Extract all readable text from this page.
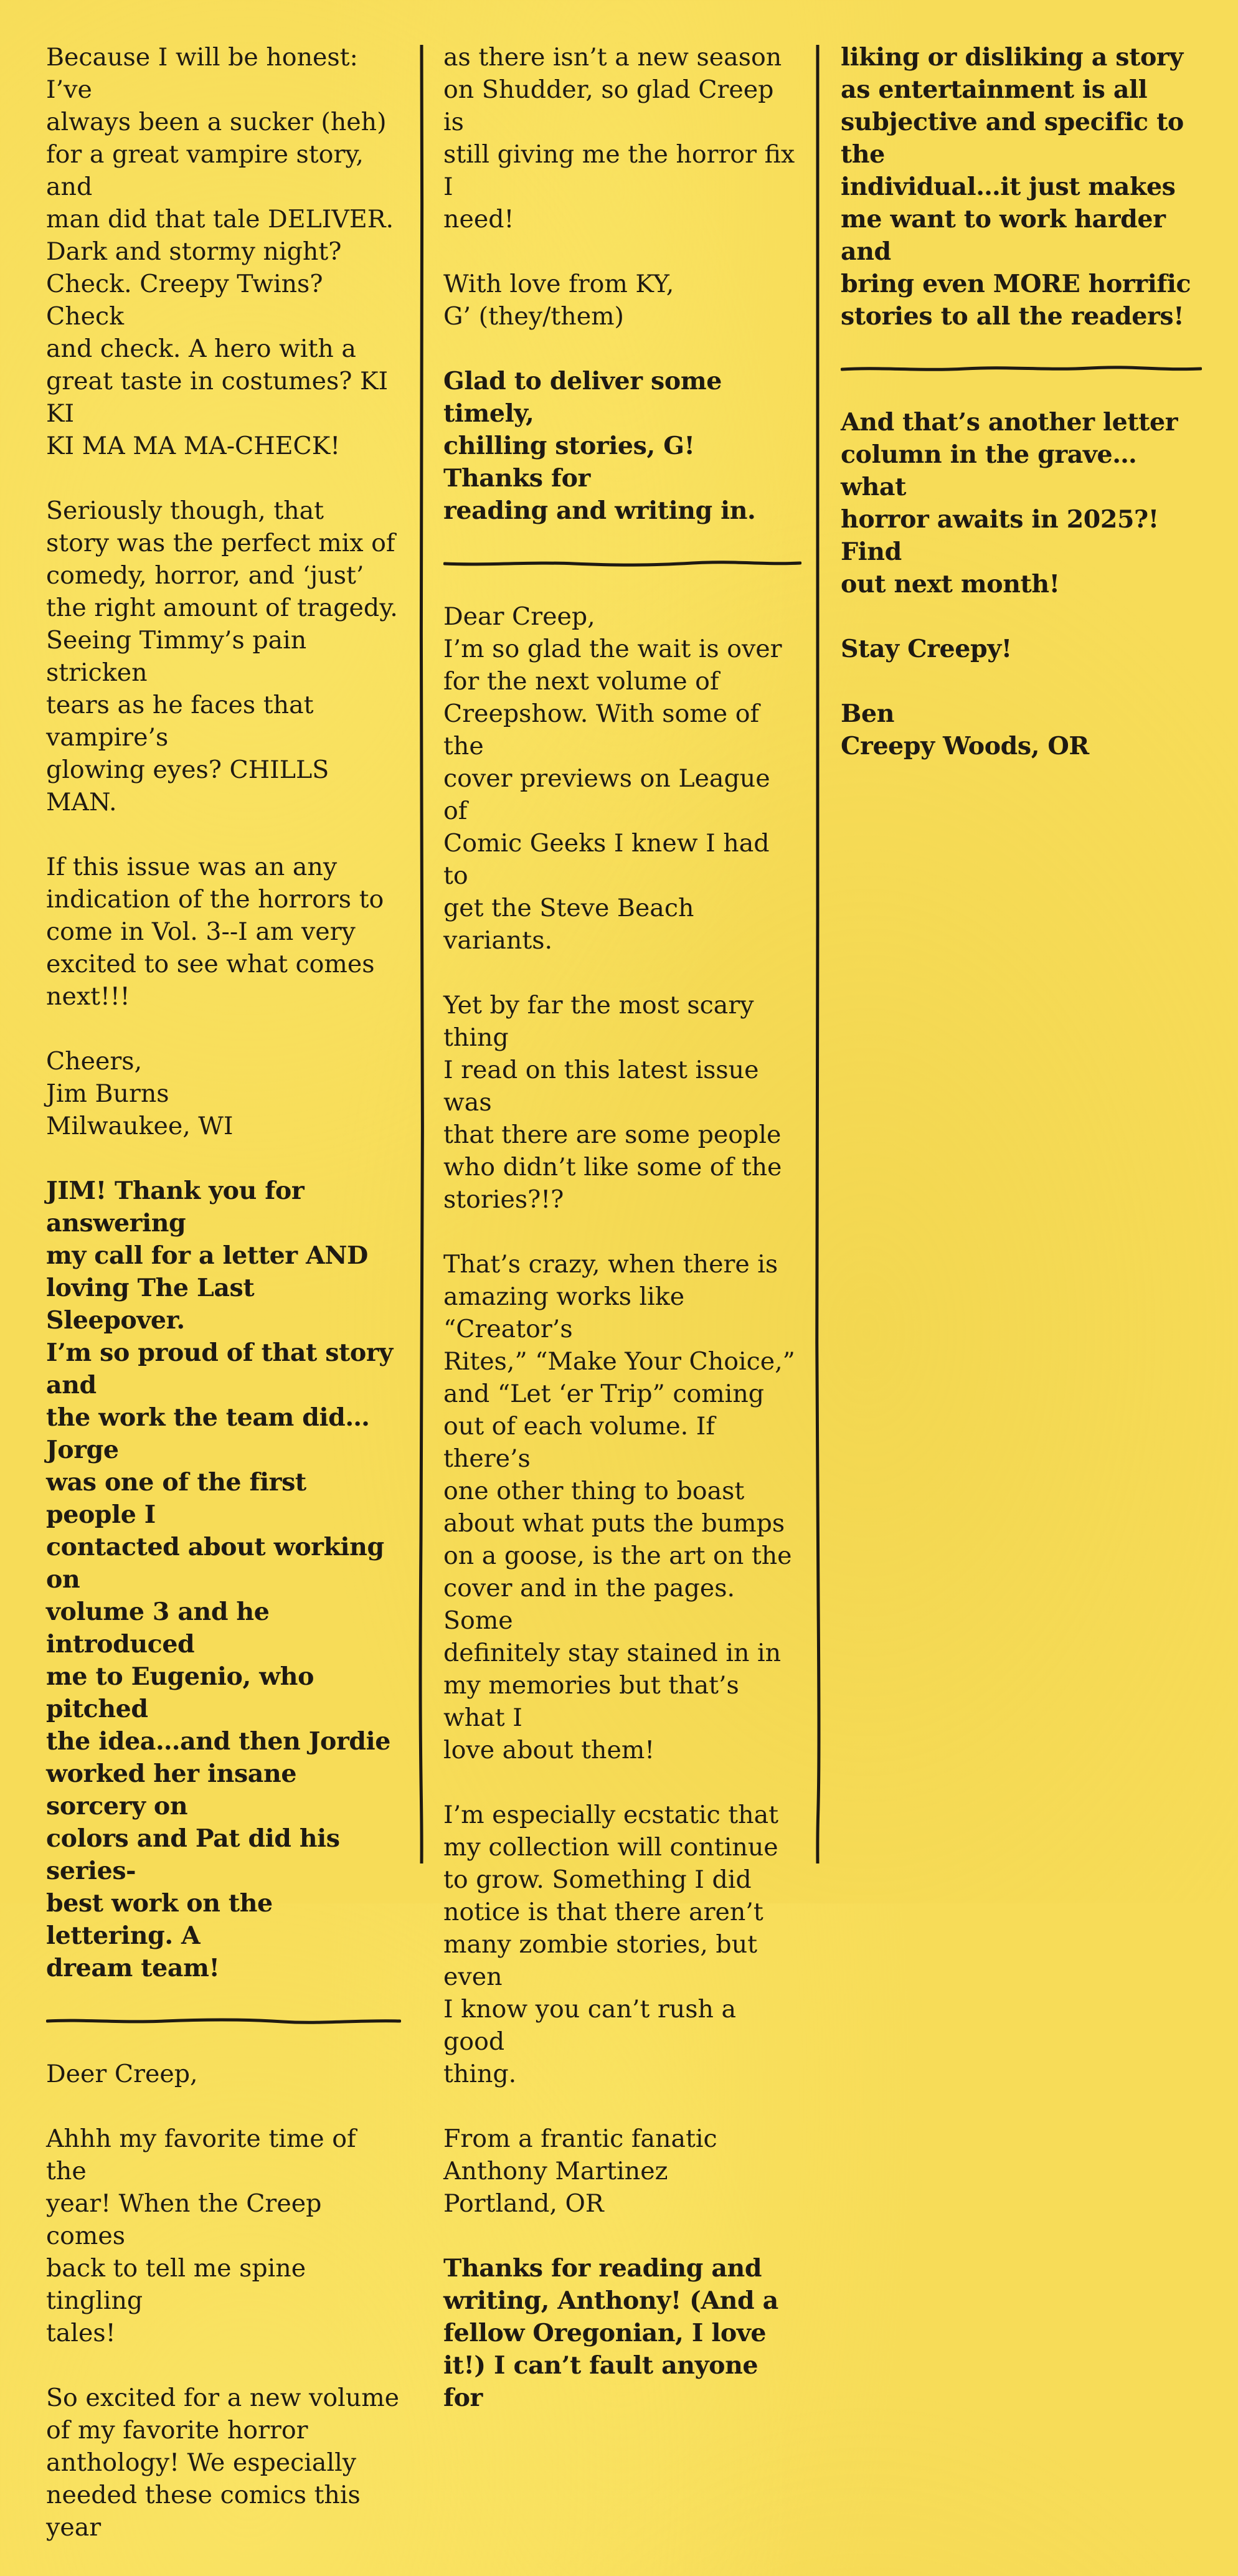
Because I will be honest: I’ve
always been a sucker (heh)
for a great vampire story, and
man did that tale DELIVER.
Dark and stormy night?
Check. Creepy Twins? Check
and check. A hero with a
great taste in costumes? KI KI
KI MA MA MA-CHECK!

Seriously though, that
story was the perfect mix of
comedy, horror, and ‘just’
the right amount of tragedy.
Seeing Timmy’s pain stricken
tears as he faces that vampire’s
glowing eyes? CHILLS
MAN.

If this issue was an any
indication of the horrors to
come in Vol. 3--I am very
excited to see what comes
next!!!

Cheers,
Jim Burns
Milwaukee, WI

JIM! Thank you for answering
my call for a letter AND
loving The Last Sleepover.
I’m so proud of that story and
the work the team did…Jorge
was one of the first people I
contacted about working on
volume 3 and he introduced
me to Eugenio, who pitched
the idea…and then Jordie
worked her insane sorcery on
colors and Pat did his series-
best work on the lettering. A
dream team!

Deer Creep,

Ahhh my favorite time of the
year! When the Creep comes
back to tell me spine tingling
tales!

So excited for a new volume
of my favorite horror
anthology! We especially
needed these comics this year

as there isn’t a new season
on Shudder, so glad Creep is
still giving me the horror fix I
need!

With love from KY,
G’ (they/them)

Glad to deliver some timely,
chilling stories, G! Thanks for
reading and writing in.

Dear Creep,
I’m so glad the wait is over
for the next volume of
Creepshow. With some of the
cover previews on League of
Comic Geeks I knew I had to
get the Steve Beach variants.

Yet by far the most scary thing
I read on this latest issue was
that there are some people
who didn’t like some of the
stories?!?

That’s crazy, when there is
amazing works like “Creator’s
Rites,” “Make Your Choice,”
and “Let ‘er Trip” coming
out of each volume. If there’s
one other thing to boast
about what puts the bumps
on a goose, is the art on the
cover and in the pages. Some
definitely stay stained in in
my memories but that’s what I
love about them!

I’m especially ecstatic that
my collection will continue
to grow. Something I did
notice is that there aren’t
many zombie stories, but even
I know you can’t rush a good
thing.

From a frantic fanatic
Anthony Martinez
Portland, OR

Thanks for reading and
writing, Anthony! (And a
fellow Oregonian, I love
it!) I can’t fault anyone for

liking or disliking a story
as entertainment is all
subjective and specific to the
individual…it just makes
me want to work harder and
bring even MORE horrific
stories to all the readers!

And that’s another letter
column in the grave…what
horror awaits in 2025?! Find
out next month!

Stay Creepy!

Ben
Creepy Woods, OR
